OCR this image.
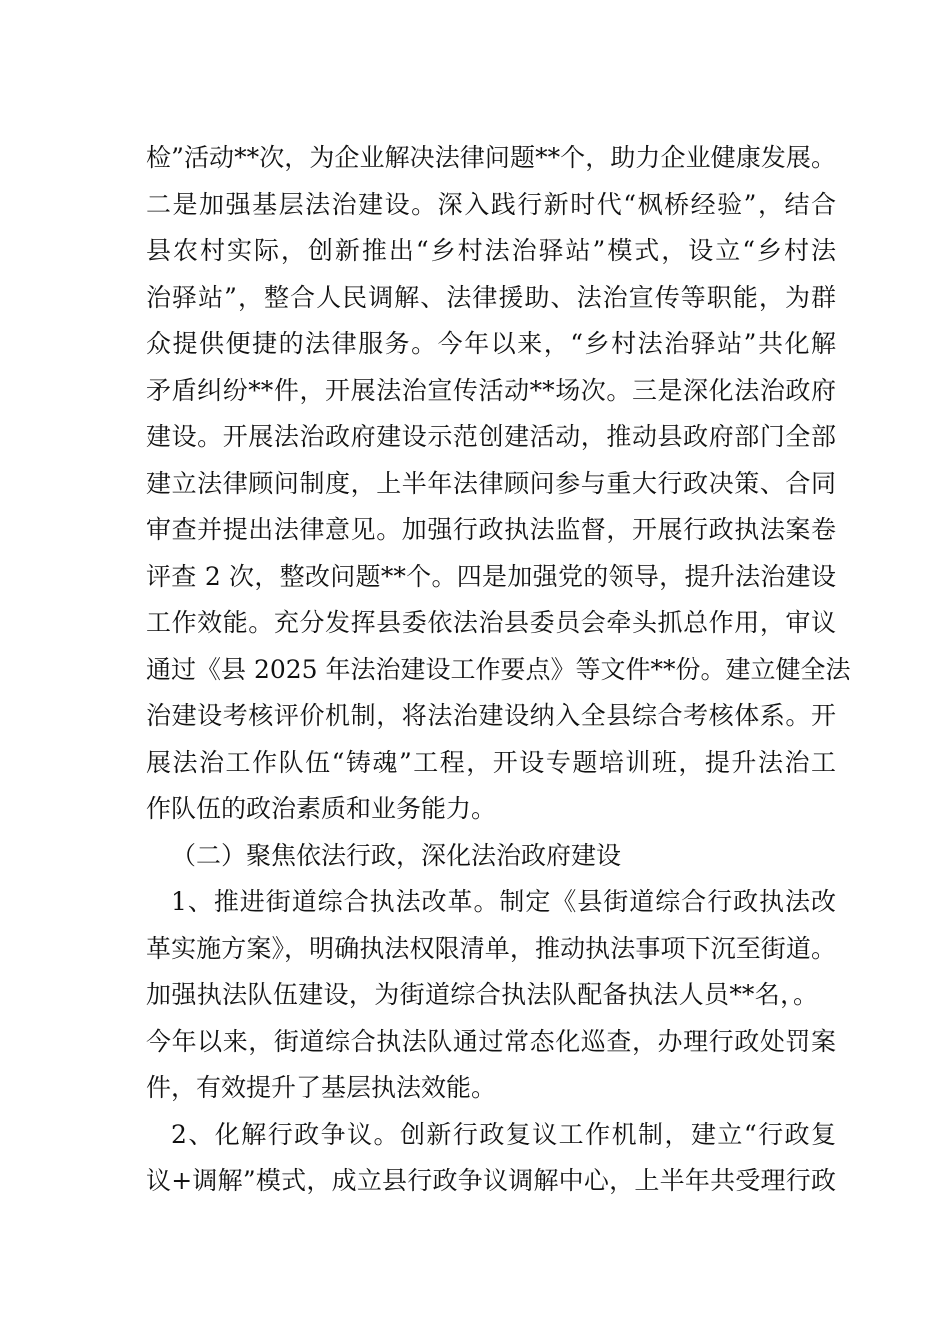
检”活动**次，为企业解决法律问题**个，助力企业健康发展。
二是加强基层法治建设。深入践行新时代“枫桥经验”，结合
县农村实际，创新推出“乡村法治驿站”模式，设立“乡村法
治驿站”，整合人民调解、法律援助、法治宣传等职能，为群
众提供便捷的法律服务。今年以来，“乡村法治驿站”共化解
矛盾纠纷**件，开展法治宣传活动**场次。三是深化法治政府
建设。开展法治政府建设示范创建活动，推动县政府部门全部
建立法律顾问制度，上半年法律顾问参与重大行政决策、合同
审查并提出法律意见。加强行政执法监督，开展行政执法案卷
评查 2 次，整改问题**个。四是加强党的领导，提升法治建设
工作效能。充分发挥县委依法治县委员会牵头抓总作用，审议
通过《县 2025 年法治建设工作要点》等文件**份。建立健全法
治建设考核评价机制，将法治建设纳入全县综合考核体系。开
展法治工作队伍“铸魂”工程，开设专题培训班，提升法治工
作队伍的政治素质和业务能力。
（二）聚焦依法行政，深化法治政府建设
1、推进街道综合执法改革。制定《县街道综合行政执法改
革实施方案》，明确执法权限清单，推动执法事项下沉至街道。
加强执法队伍建设，为街道综合执法队配备执法人员**名，。
今年以来，街道综合执法队通过常态化巡查，办理行政处罚案
件，有效提升了基层执法效能。
2、化解行政争议。创新行政复议工作机制，建立“行政复
议+调解”模式，成立县行政争议调解中心，上半年共受理行政
